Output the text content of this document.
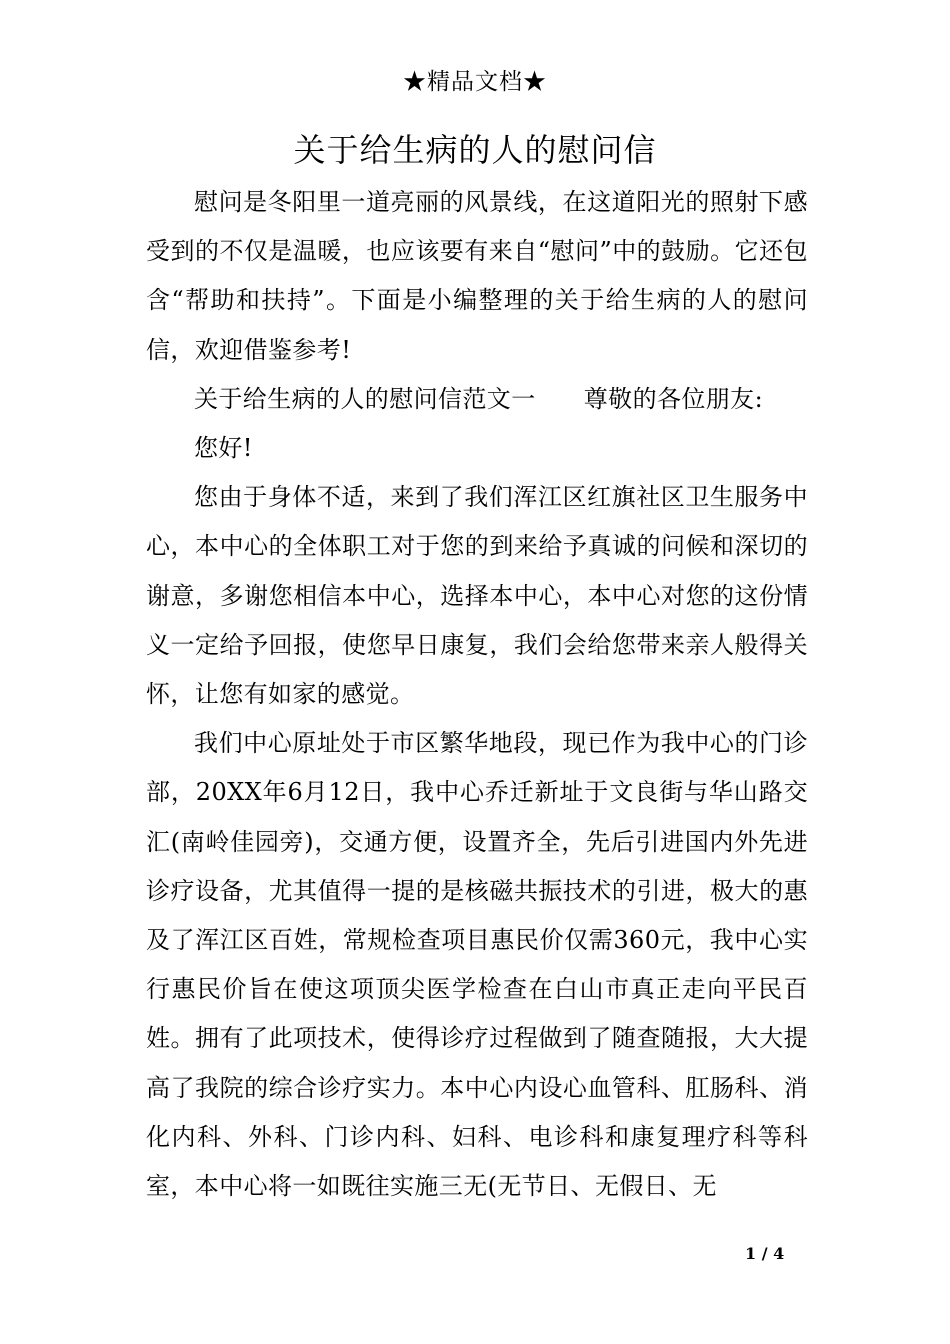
★精品文档★
关于给生病的人的慰问信

慰问是冬阳里一道亮丽的风景线，在这道阳光的照射下感受到的不仅是温暖，也应该要有来自“慰问”中的鼓励。它还包含“帮助和扶持”。下面是小编整理的关于给生病的人的慰问信，欢迎借鉴参考!

关于给生病的人的慰问信范文一      尊敬的各位朋友:

您好!

您由于身体不适，来到了我们浑江区红旗社区卫生服务中心，本中心的全体职工对于您的到来给予真诚的问候和深切的谢意，多谢您相信本中心，选择本中心，本中心对您的这份情义一定给予回报，使您早日康复，我们会给您带来亲人般得关怀，让您有如家的感觉。

我们中心原址处于市区繁华地段，现已作为我中心的门诊部，20XX年6月12日，我中心乔迁新址于文良街与华山路交汇(南岭佳园旁)，交通方便，设置齐全，先后引进国内外先进诊疗设备，尤其值得一提的是核磁共振技术的引进，极大的惠及了浑江区百姓，常规检查项目惠民价仅需360元，我中心实行惠民价旨在使这项顶尖医学检查在白山市真正走向平民百姓。拥有了此项技术，使得诊疗过程做到了随查随报，大大提高了我院的综合诊疗实力。本中心内设心血管科、肛肠科、消化内科、外科、门诊内科、妇科、电诊科和康复理疗科等科室，本中心将一如既往实施三无(无节日、无假日、无

1 / 4
